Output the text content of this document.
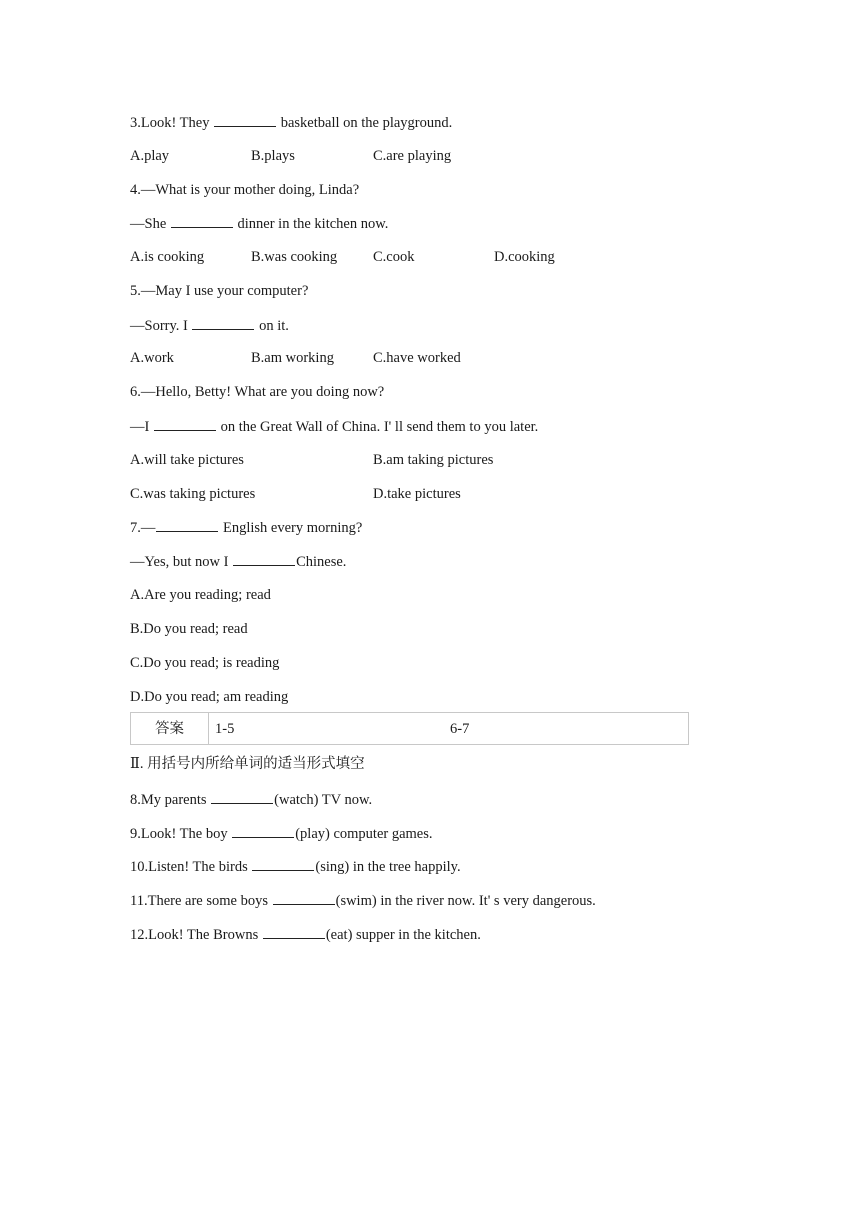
3.Look! They	basketball on the playground.
A.play	B.plays	C.are playing
4.—What is your mother doing, Linda?
—She	dinner in the kitchen now.
A.is cooking	B.was cooking C.cook	D.cooking
5.—May I use your computer?
—Sorry. I	on it.
A.work	B.am working	C.have worked
6.—Hello, Betty! What are you doing now?
—I	on the Great Wall of China. I' ll send them to you later.
A.will take pictures	B.am taking pictures
C.was taking pictures	D.take pictures
7.—	English every morning?
—Yes, but now I	Chinese.
A.Are you reading; read
B.Do you read; read
C.Do you read; is reading
D.Do you read; am reading
答案 1-5	6-7
Ⅱ. 用括号内所给单词的适当形式填空
8.My parents	(watch) TV now.
9.Look! The boy	(play) computer games.
10.Listen! The birds	(sing) in the tree happily.
11.There are some boys	(swim) in the river now. It' s very dangerous.
12.Look! The Browns	(eat) supper in the kitchen.
